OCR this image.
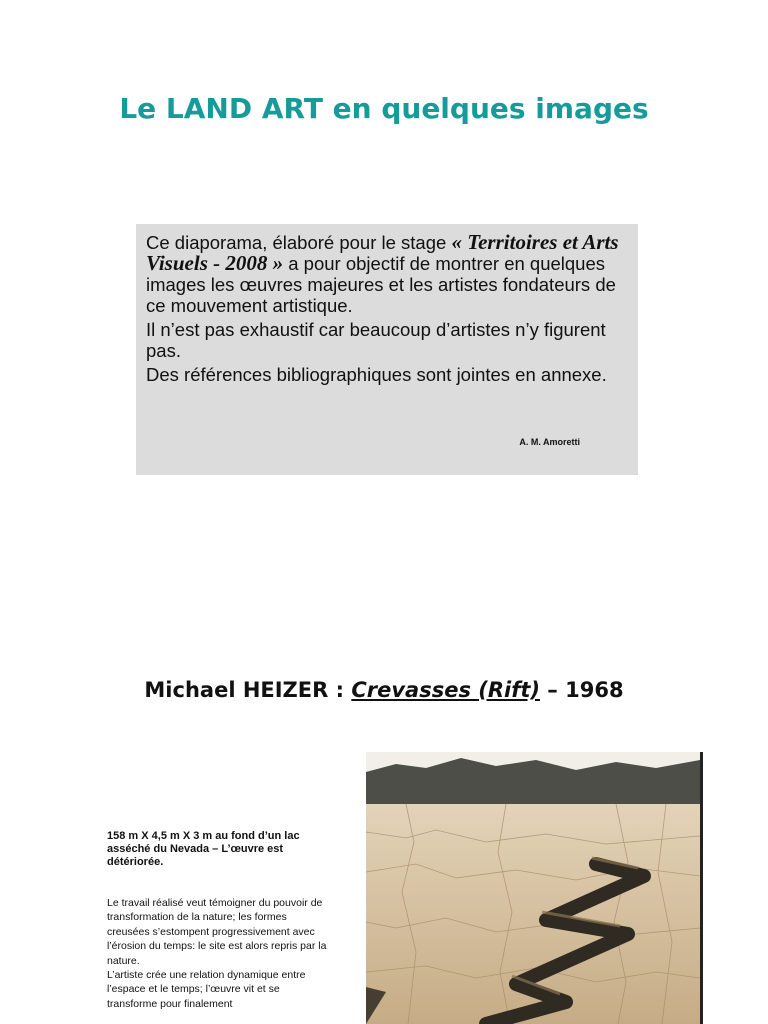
Le LAND ART en quelques images

Ce diaporama, élaboré pour le stage « Territoires et Arts Visuels - 2008 » a pour objectif de montrer en quelques images les œuvres majeures et les artistes fondateurs de ce mouvement artistique.

Il n’est pas exhaustif car beaucoup d’artistes n’y figurent pas.

Des références bibliographiques sont jointes en annexe.

A. M. Amoretti
Michael HEIZER : Crevasses (Rift) – 1968

158 m X 4,5 m X 3 m au fond d’un lac asséché du Nevada – L’œuvre est détériorée.

Le travail réalisé veut témoigner du pouvoir de transformation de la nature; les formes creusées s’estompent progressivement avec l’érosion du temps: le site est alors repris par la nature.

L’artiste crée une relation dynamique entre l’espace et le temps; l’œuvre vit et se transforme pour finalement
